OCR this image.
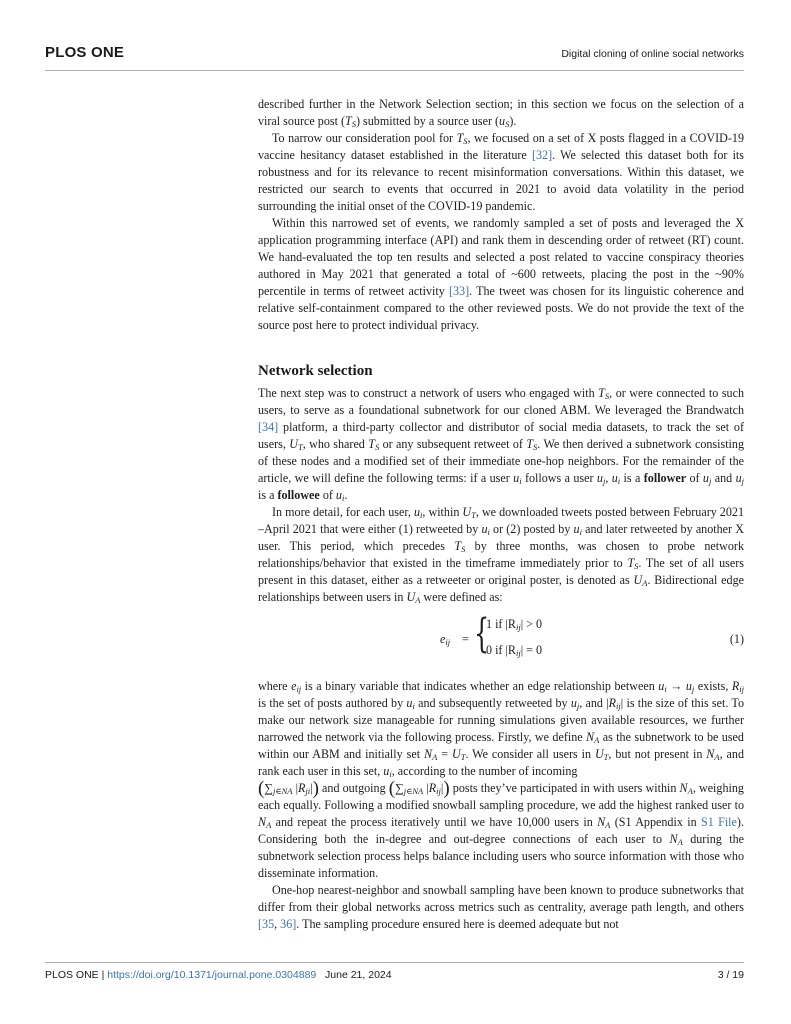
PLOS ONE	Digital cloning of online social networks

described further in the Network Selection section; in this section we focus on the selection of a viral source post $(T_S)$ submitted by a source user $(u_S)$.

To narrow our consideration pool for $T_S$, we focused on a set of X posts flagged in a COVID-19 vaccine hesitancy dataset established in the literature [32]. We selected this dataset both for its robustness and for its relevance to recent misinformation conversations. Within this dataset, we restricted our search to events that occurred in 2021 to avoid data volatility in the period surrounding the initial onset of the COVID-19 pandemic.

Within this narrowed set of events, we randomly sampled a set of posts and leveraged the X application programming interface (API) and rank them in descending order of retweet (RT) count. We hand-evaluated the top ten results and selected a post related to vaccine conspiracy theories authored in May 2021 that generated a total of ~600 retweets, placing the post in the ~90% percentile in terms of retweet activity [33]. The tweet was chosen for its linguistic coherence and relative self-containment compared to the other reviewed posts. We do not provide the text of the source post here to protect individual privacy.

Network selection

The next step was to construct a network of users who engaged with $T_S$, or were connected to such users, to serve as a foundational subnetwork for our cloned ABM. We leveraged the Brandwatch [34] platform, a third-party collector and distributor of social media datasets, to track the set of users, $U_T$, who shared $T_S$ or any subsequent retweet of $T_S$. We then derived a subnetwork consisting of these nodes and a modified set of their immediate one-hop neighbors. For the remainder of the article, we will define the following terms: if a user $u_i$ follows a user $u_j$, $u_i$ is a follower of $u_j$ and $u_j$ is a followee of $u_i$.

In more detail, for each user, $u_i$, within $U_T$, we downloaded tweets posted between February 2021 –April 2021 that were either (1) retweeted by $u_i$ or (2) posted by $u_i$ and later retweeted by another X user. This period, which precedes $T_S$ by three months, was chosen to probe network relationships/behavior that existed in the timeframe immediately prior to $T_S$. The set of all users present in this dataset, either as a retweeter or original poster, is denoted as $U_A$. Bidirectional edge relationships between users in $U_A$ were defined as:

$e_{ij}$ = {
1 if $|R_{ij}| > 0$
0 if $|R_{ij}| = 0$
(1)

where $e_{ij}$ is a binary variable that indicates whether an edge relationship between $u_i \to u_j$ exists, $R_{ij}$ is the set of posts authored by $u_i$ and subsequently retweeted by $u_j$, and $|R_{ij}|$ is the size of this set. To make our network size manageable for running simulations given available resources, we further narrowed the network via the following process. Firstly, we define $N_A$ as the subnetwork to be used within our ABM and initially set $N_A = U_T$. We consider all users in $U_T$, but not present in $N_A$, and rank each user in this set, $u_i$, according to the number of incoming
($\sum_{j\in NA}$ $|R_{ji}|$) and outgoing ($\sum_{j\in NA}$ $|R_{ij}|$) posts they’ve participated in with users within $N_A$, weighing each equally. Following a modified snowball sampling procedure, we add the highest ranked user to $N_A$ and repeat the process iteratively until we have 10,000 users in $N_A$ (S1 Appendix in S1 File). Considering both the in-degree and out-degree connections of each user to $N_A$ during the subnetwork selection process helps balance including users who source information with those who disseminate information.

One-hop nearest-neighbor and snowball sampling have been known to produce subnetworks that differ from their global networks across metrics such as centrality, average path length, and others [35, 36]. The sampling procedure ensured here is deemed adequate but not

PLOS ONE | https://doi.org/10.1371/journal.pone.0304889 June 21, 2024	3 / 19
